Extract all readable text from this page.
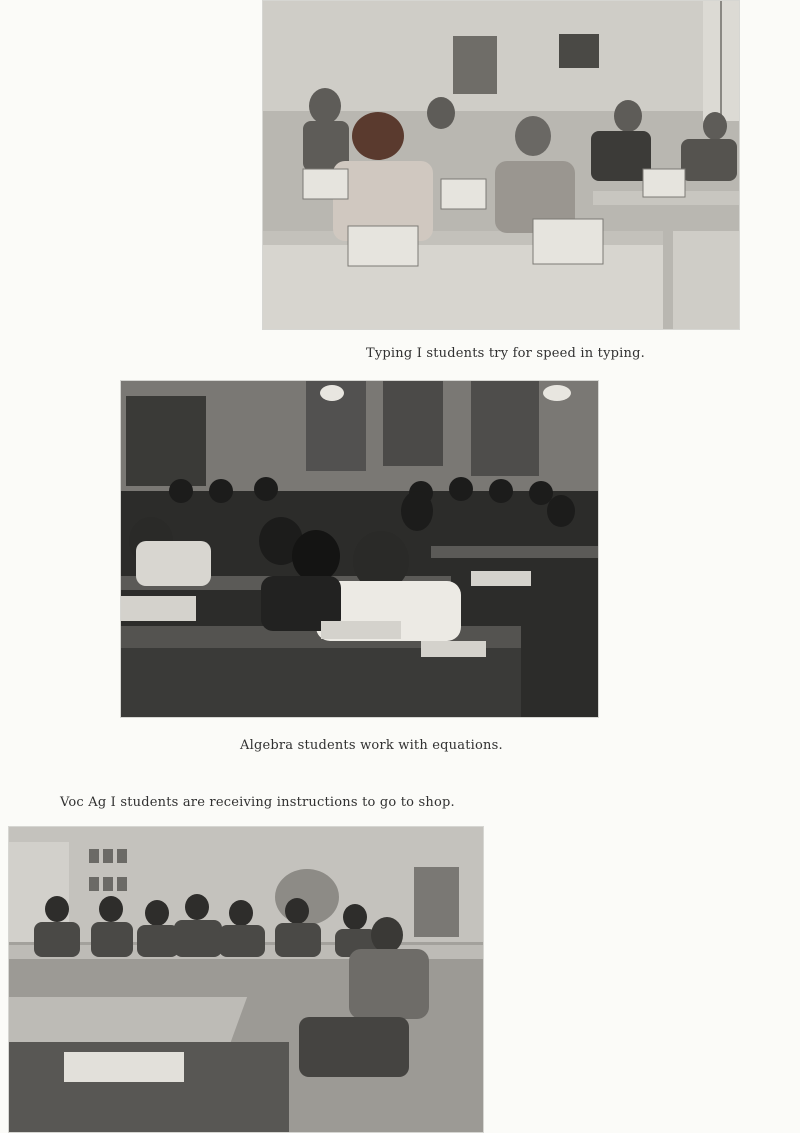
Typing I students try for speed in typing.
Algebra students work with equations.
Voc Ag I students are receiving instructions to go to shop.
